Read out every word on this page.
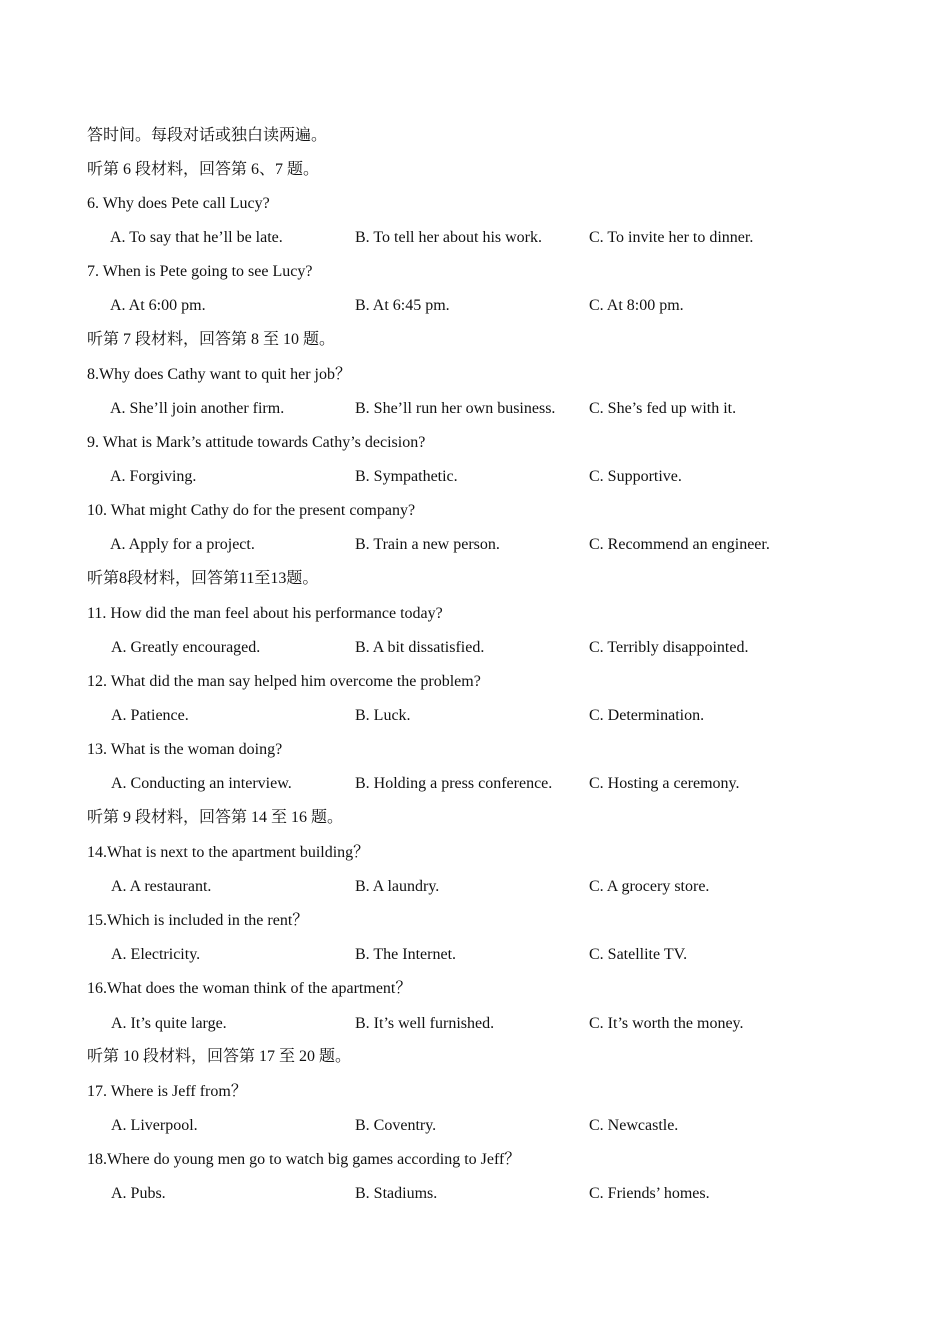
答时间。每段对话或独白读两遍。
听第 6 段材料，回答第 6、7 题。
6. Why does Pete call Lucy?
A. To say that he’ll be late.	B. To tell her about his work.	C. To invite her to dinner.
7. When is Pete going to see Lucy?
A. At 6:00 pm.	B. At 6:45 pm.	C. At 8:00 pm.
听第 7 段材料，回答第 8 至 10 题。
8.Why does Cathy want to quit her job？
A. She’ll join another firm.	B. She’ll run her own business. C. She’s fed up with it.
9. What is Mark’s attitude towards Cathy’s decision?
A. Forgiving.	B. Sympathetic.	C. Supportive.
10. What might Cathy do for the present company?
A. Apply for a project.	B. Train a new person.	C. Recommend an engineer.
听第8段材料，回答第11至13题。
11. How did the man feel about his performance today?
A. Greatly encouraged.	B. A bit dissatisfied.	C. Terribly disappointed.
12. What did the man say helped him overcome the problem?
A. Patience.	B. Luck.	C. Determination.
13. What is the woman doing?
A. Conducting an interview.	B. Holding a press conference. C. Hosting a ceremony.
听第 9 段材料，回答第 14 至 16 题。
14.What is next to the apartment building？
A. A restaurant.	B. A laundry.	C. A grocery store.
15.Which is included in the rent？
A. Electricity.	B. The Internet.	C. Satellite TV.
16.What does the woman think of the apartment？
A. It’s quite large.	B. It’s well furnished.	C. It’s worth the money.
听第 10 段材料，回答第 17 至 20 题。
17. Where is Jeff from？
A. Liverpool.	B. Coventry.	C. Newcastle.
18.Where do young men go to watch big games according to Jeff？
A. Pubs.	B. Stadiums.	C. Friends’ homes.
